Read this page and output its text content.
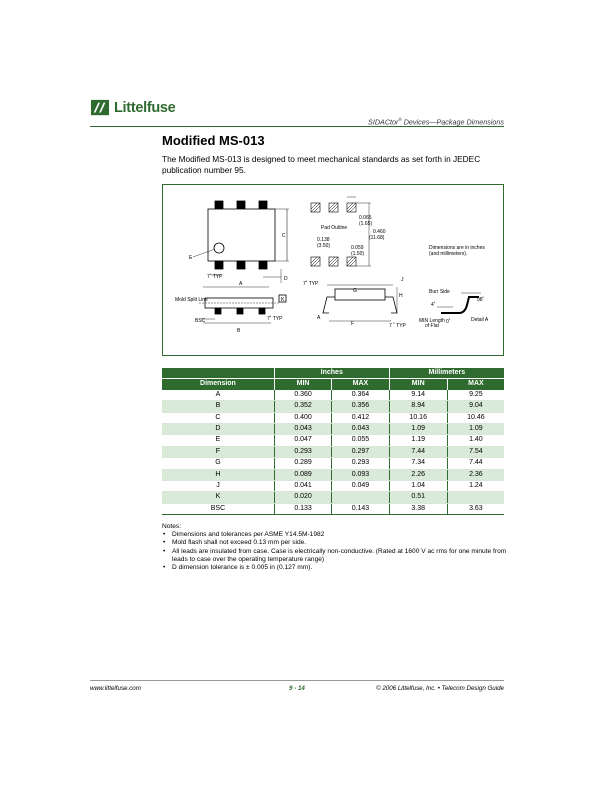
Littelfuse
SIDACtor® Devices—Package Dimensions
Modified MS-013
The Modified MS-013 is designed to meet mechanical standards as set forth in JEDEC publication number 95.
E
C
D
7˚ TYP
A
K
Mold Split Line
BSC
B
7˚ TYP
Pad Outline
0.065
(1.65)
0.460
(11.68)
0.138
(3.50)	0.059
(1.50)
Dimensions are in inches
(and millimeters).
G
H
J
F
A
7˚ TYP
7 ˚ TYP
Burr Side
4˚
98˚
MIN Length
of Flat
0˚	Detail A
	Inches		Millimeters	
Dimension	MIN	MAX	MIN	MAX
A	0.360	0.364	9.14	9.25
B	0.352	0.356	8.94	9.04
C	0.400	0.412	10.16	10.46
D	0.043	0.043	1.09	1.09
E	0.047	0.055	1.19	1.40
F	0.293	0.297	7.44	7.54
G	0.289	0.293	7.34	7.44
H	0.089	0.093	2.26	2.36
J	0.041	0.049	1.04	1.24
K	0.020		0.51	
BSC	0.133	0.143	3.38	3.63
Notes:
• Dimensions and tolerances per ASME Y14.5M-1982
• Mold flash shall not exceed 0.13 mm per side.
• All leads are insulated from case. Case is electrically non-conductive. (Rated at 1600 V ac rms for one minute from leads to case over the operating temperature range)
• D dimension tolerance is ± 0.005 in (0.127 mm).
www.littelfuse.com	9 - 14	© 2006 Littelfuse, Inc. • Telecom Design Guide
